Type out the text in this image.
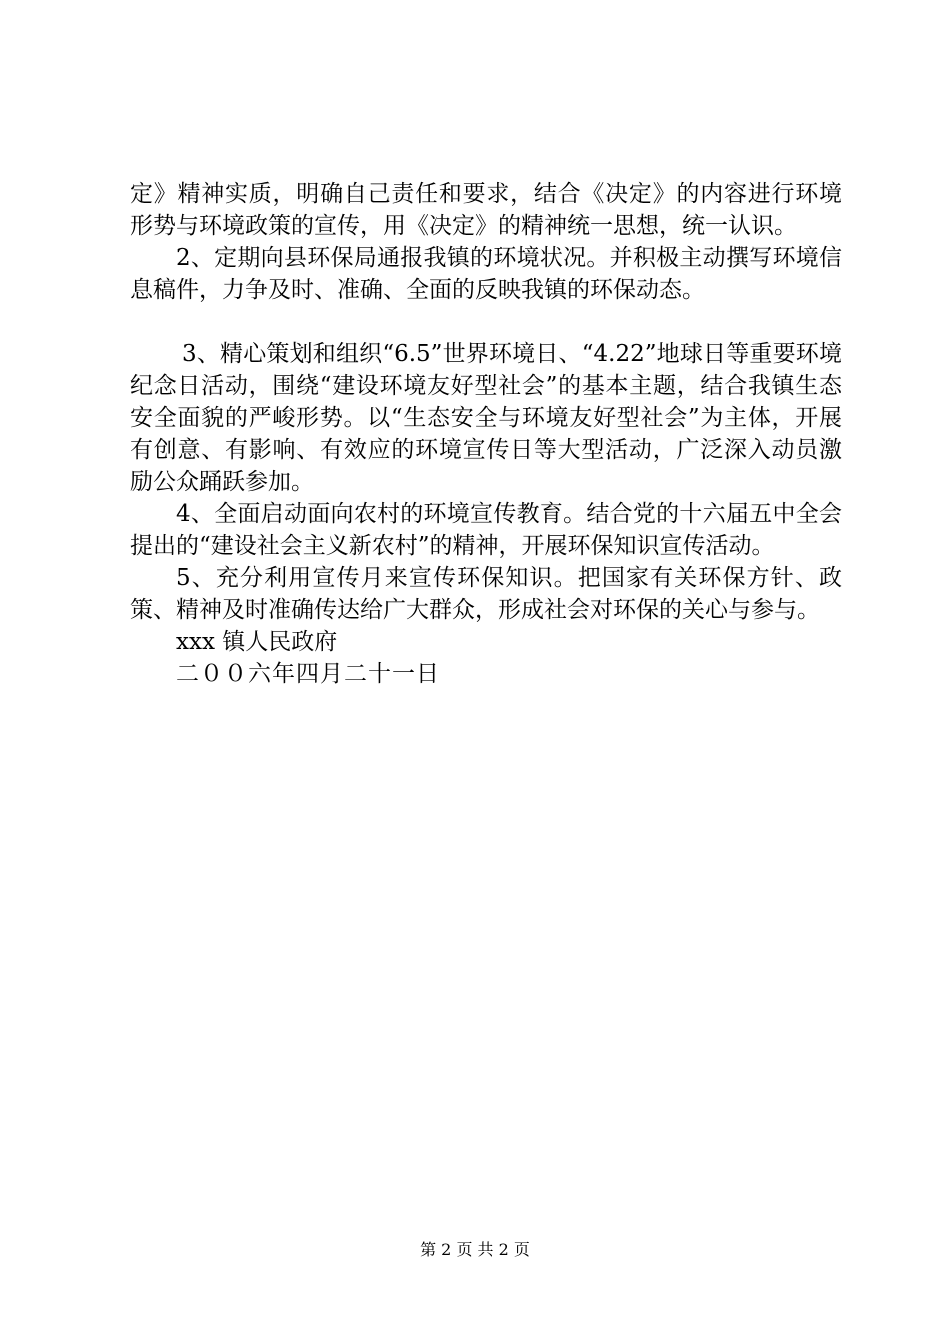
定》精神实质，明确自己责任和要求，结合《决定》的内容进行环境形势与环境政策的宣传，用《决定》的精神统一思想，统一认识。

2、定期向县环保局通报我镇的环境状况。并积极主动撰写环境信息稿件，力争及时、准确、全面的反映我镇的环保动态。

3、精心策划和组织“6.5”世界环境日、“4.22”地球日等重要环境纪念日活动，围绕“建设环境友好型社会”的基本主题，结合我镇生态安全面貌的严峻形势。以“生态安全与环境友好型社会”为主体，开展有创意、有影响、有效应的环境宣传日等大型活动，广泛深入动员激励公众踊跃参加。

4、全面启动面向农村的环境宣传教育。结合党的十六届五中全会提出的“建设社会主义新农村”的精神，开展环保知识宣传活动。

5、充分利用宣传月来宣传环保知识。把国家有关环保方针、政策、精神及时准确传达给广大群众，形成社会对环保的关心与参与。

xxx 镇人民政府

二００六年四月二十一日

第 2 页 共 2 页
